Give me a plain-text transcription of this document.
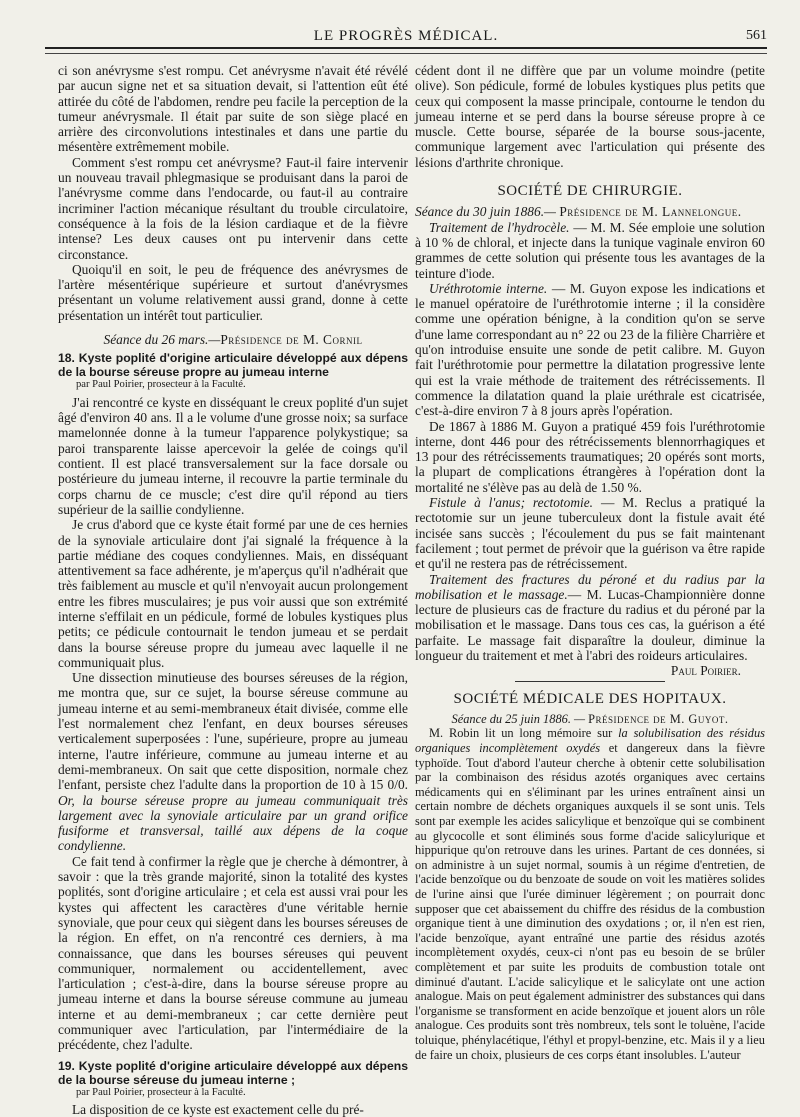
LE PROGRÈS MÉDICAL.	561

ci son anévrysme s'est rompu. Cet anévrysme n'avait été révélé par aucun signe net et sa situation devait, si l'attention eût été attirée du côté de l'abdomen, rendre peu facile la perception de la tumeur anévrysmale. Il était par suite de son siège placé en arrière des circonvolutions intestinales et dans une partie du mésentère extrêmement mobile.

Comment s'est rompu cet anévrysme? Faut-il faire intervenir un nouveau travail phlegmasique se produisant dans la paroi de l'anévrysme comme dans l'endocarde, ou faut-il au contraire incriminer l'action mécanique résultant du trouble circulatoire, conséquence à la fois de la lésion cardiaque et de la fièvre intense? Les deux causes ont pu intervenir dans cette circonstance.

Quoiqu'il en soit, le peu de fréquence des anévrysmes de l'artère mésentérique supérieure et surtout d'anévrysmes présentant un volume relativement aussi grand, donne à cette présentation un intérêt tout particulier.

Séance du 26 mars.—Présidence de M. Cornil

18. Kyste poplité d'origine articulaire développé aux dépens de la bourse séreuse propre au jumeau interne

par Paul Poirier, prosecteur à la Faculté.

J'ai rencontré ce kyste en disséquant le creux poplité d'un sujet âgé d'environ 40 ans. Il a le volume d'une grosse noix; sa surface mamelonnée donne à la tumeur l'apparence polykystique; sa paroi transparente laisse apercevoir la gelée de coings qu'il contient. Il est placé transversalement sur la face dorsale ou postérieure du jumeau interne, il recouvre la partie terminale du corps charnu de ce muscle; c'est dire qu'il répond au tiers supérieur de la saillie condylienne.

Je crus d'abord que ce kyste était formé par une de ces hernies de la synoviale articulaire dont j'ai signalé la fréquence à la partie médiane des coques condyliennes. Mais, en disséquant attentivement sa face adhérente, je m'aperçus qu'il n'adhérait que très faiblement au muscle et qu'il n'envoyait aucun prolongement entre les fibres musculaires; je pus voir aussi que son extrémité interne s'effilait en un pédicule, formé de lobules kystiques plus petits; ce pédicule contournait le tendon jumeau et se perdait dans la bourse séreuse propre du jumeau avec laquelle il ne communiquait plus.

Une dissection minutieuse des bourses séreuses de la région, me montra que, sur ce sujet, la bourse séreuse commune au jumeau interne et au semi-membraneux était divisée, comme elle l'est normalement chez l'enfant, en deux bourses séreuses verticalement superposées : l'une, supérieure, propre au jumeau interne, l'autre inférieure, commune au jumeau interne et au demi-membraneux. On sait que cette disposition, normale chez l'enfant, persiste chez l'adulte dans la proportion de 10 à 15 0/0. Or, la bourse séreuse propre au jumeau communiquait très largement avec la synoviale articulaire par un grand orifice fusiforme et transversal, taillé aux dépens de la coque condylienne.

Ce fait tend à confirmer la règle que je cherche à démontrer, à savoir : que la très grande majorité, sinon la totalité des kystes poplités, sont d'origine articulaire ; et cela est aussi vrai pour les kystes qui affectent les caractères d'une véritable hernie synoviale, que pour ceux qui siègent dans les bourses séreuses de la région. En effet, on n'a rencontré ces derniers, à ma connaissance, que dans les bourses séreuses qui peuvent communiquer, normalement ou accidentellement, avec l'articulation ; c'est-à-dire, dans la bourse séreuse propre au jumeau interne et dans la bourse séreuse commune au jumeau interne et au demi-membraneux ; car cette dernière peut communiquer avec l'articulation, par l'intermédiaire de la précédente, chez l'adulte.

19. Kyste poplité d'origine articulaire développé aux dépens de la bourse séreuse du jumeau interne ;

par Paul Poirier, prosecteur à la Faculté.

La disposition de ce kyste est exactement celle du pré-

cédent dont il ne diffère que par un volume moindre (petite olive). Son pédicule, formé de lobules kystiques plus petits que ceux qui composent la masse principale, contourne le tendon du jumeau interne et se perd dans la bourse séreuse propre à ce muscle. Cette bourse, séparée de la bourse sous-jacente, communique largement avec l'articulation qui présente des lésions d'arthrite chronique.

SOCIÉTÉ DE CHIRURGIE.

Séance du 30 juin 1886.— Présidence de M. Lannelongue.

Traitement de l'hydrocèle. — M. M. Sée emploie une solution à 10 % de chloral, et injecte dans la tunique vaginale environ 60 grammes de cette solution qui présente tous les avantages de la teinture d'iode.

Uréthrotomie interne. — M. Guyon expose les indications et le manuel opératoire de l'uréthrotomie interne ; il la considère comme une opération bénigne, à la condition qu'on se serve d'une lame correspondant au n° 22 ou 23 de la filière Charrière et qu'on introduise ensuite une sonde de petit calibre. M. Guyon fait l'uréthrotomie pour permettre la dilatation progressive lente qui est la vraie méthode de traitement des rétrécissements. Il commence la dilatation quand la plaie uréthrale est cicatrisée, c'est-à-dire environ 7 à 8 jours après l'opération.

De 1867 à 1886 M. Guyon a pratiqué 459 fois l'uréthrotomie interne, dont 446 pour des rétrécissements blennorrhagiques et 13 pour des rétrécissements traumatiques; 20 opérés sont morts, la plupart de complications étrangères à l'opération dont la mortalité ne s'élève pas au delà de 1.50 %.

Fistule à l'anus; rectotomie. — M. Reclus a pratiqué la rectotomie sur un jeune tuberculeux dont la fistule avait été incisée sans succès ; l'écoulement du pus se fait maintenant facilement ; tout permet de prévoir que la guérison va être rapide et qu'il ne restera pas de rétrécissement.

Traitement des fractures du péroné et du radius par la mobilisation et le massage.— M. Lucas-Championnière donne lecture de plusieurs cas de fracture du radius et du péroné par la mobilisation et le massage. Dans tous ces cas, la guérison a été parfaite. Le massage fait disparaître la douleur, diminue la longueur du traitement et met à l'abri des roideurs articulaires.

Paul Poirier.

SOCIÉTÉ MÉDICALE DES HOPITAUX.

Séance du 25 juin 1886. — Présidence de M. Guyot.

M. Robin lit un long mémoire sur la solubilisation des résidus organiques incomplètement oxydés et dangereux dans la fièvre typhoïde. Tout d'abord l'auteur cherche à obtenir cette solubilisation par la combinaison des résidus azotés organiques avec certains médicaments qui en s'éliminant par les urines entraînent ainsi un certain nombre de déchets organiques auxquels il se sont unis. Tels sont par exemple les acides salicylique et benzoïque qui se combinent au glycocolle et sont éliminés sous forme d'acide salicylurique et hippurique qu'on retrouve dans les urines. Partant de ces données, si on administre à un sujet normal, soumis à un régime d'entretien, de l'acide benzoïque ou du benzoate de soude on voit les matières solides de l'urine ainsi que l'urée diminuer légèrement ; on pourrait donc supposer que cet abaissement du chiffre des résidus de la combustion organique tient à une diminution des oxydations ; or, il n'en est rien, l'acide benzoïque, ayant entraîné une partie des résidus azotés incomplètement oxydés, ceux-ci n'ont pas eu besoin de se brûler complètement et par suite les produits de combustion totale ont diminué d'autant. L'acide salicylique et le salicylate ont une action analogue. Mais on peut également administrer des substances qui dans l'organisme se transforment en acide benzoïque et jouent alors un rôle analogue. Ces produits sont très nombreux, tels sont le toluène, l'acide toluique, phénylacétique, l'éthyl et propyl-benzine, etc. Mais il y a lieu de faire un choix, plusieurs de ces corps étant insolubles. L'auteur
